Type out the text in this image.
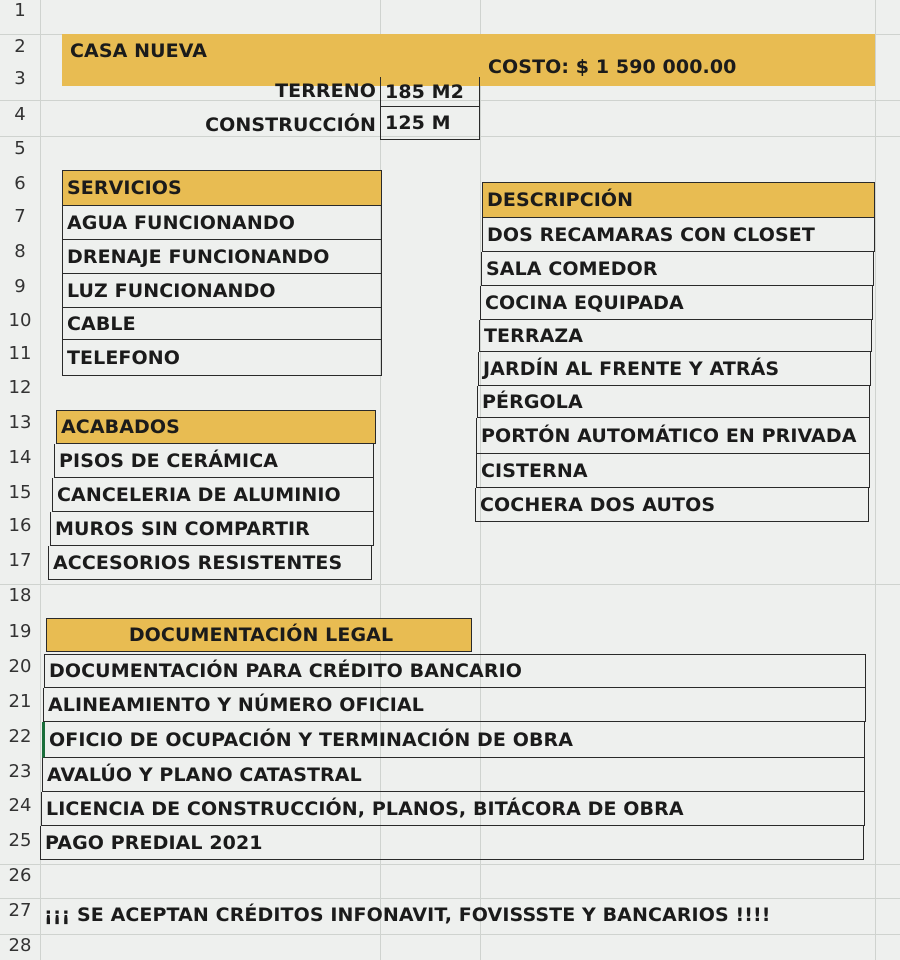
1
2
3
4
5
6
7
8
9
10
11
12
13
14
15
16
17
18
19
20
21
22
23
24
25
26
27
28
CASA NUEVA
COSTO: $ 1 590 000.00
TERRENO 185 M2
CONSTRUCCIÓN 125 M
SERVICIOS
AGUA FUNCIONANDO
DRENAJE FUNCIONANDO
LUZ FUNCIONANDO
CABLE
TELEFONO
ACABADOS
PISOS DE CERÁMICA
CANCELERIA DE ALUMINIO
MUROS SIN COMPARTIR
ACCESORIOS RESISTENTES
DESCRIPCIÓN
DOS RECAMARAS CON CLOSET
SALA COMEDOR
COCINA EQUIPADA
TERRAZA
JARDÍN AL FRENTE Y ATRÁS
PÉRGOLA
PORTÓN AUTOMÁTICO EN PRIVADA
CISTERNA
COCHERA DOS AUTOS
DOCUMENTACIÓN LEGAL
DOCUMENTACIÓN PARA CRÉDITO BANCARIO
ALINEAMIENTO Y NÚMERO OFICIAL
OFICIO DE OCUPACIÓN Y TERMINACIÓN DE OBRA
AVALÚO Y PLANO CATASTRAL
LICENCIA DE CONSTRUCCIÓN, PLANOS, BITÁCORA DE OBRA
PAGO PREDIAL 2021
¡¡¡ SE ACEPTAN CRÉDITOS INFONAVIT, FOVISSSTE Y BANCARIOS !!!!
